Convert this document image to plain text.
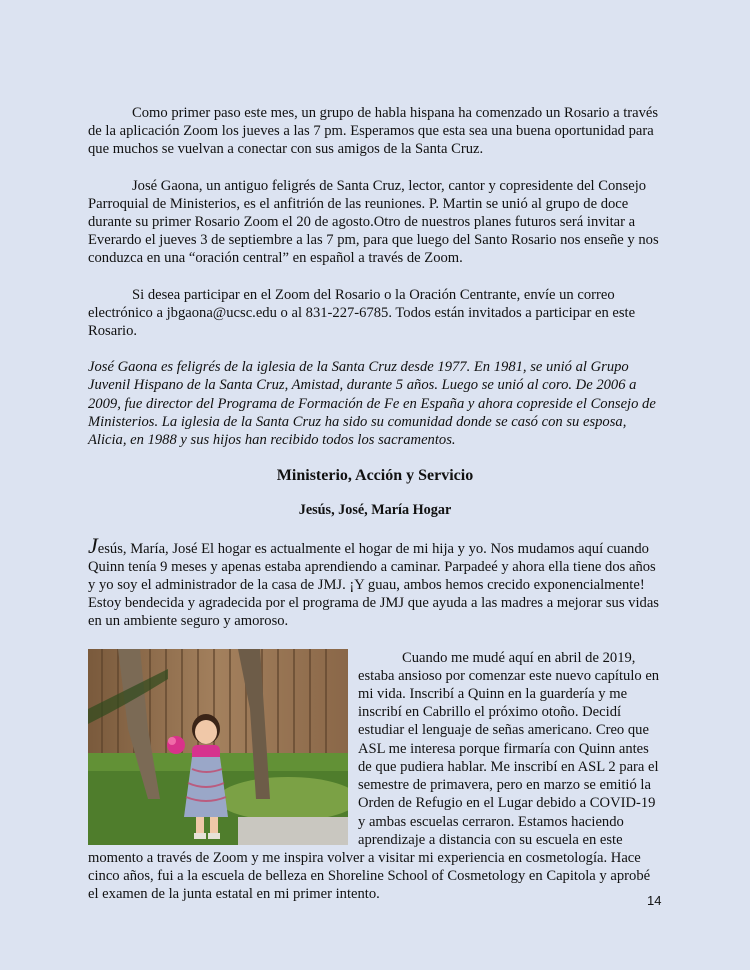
Como primer paso este mes, un grupo de habla hispana ha comenzado un Rosario a través de la aplicación Zoom los jueves a las 7 pm. Esperamos que esta sea una buena oportunidad para que muchos se vuelvan a conectar con sus amigos de la Santa Cruz.

José Gaona, un antiguo feligrés de Santa Cruz, lector, cantor y copresidente del Consejo Parroquial de Ministerios, es el anfitrión de las reuniones. P. Martin se unió al grupo de doce durante su primer Rosario Zoom el 20 de agosto.Otro de nuestros planes futuros será invitar a Everardo el jueves 3 de septiembre a las 7 pm, para que luego del Santo Rosario nos enseñe y nos conduzca en una “oración central” en español a través de Zoom.

Si desea participar en el Zoom del Rosario o la Oración Centrante, envíe un correo electrónico a jbgaona@ucsc.edu o al 831-227-6785. Todos están invitados a participar en este Rosario.

José Gaona es feligrés de la iglesia de la Santa Cruz desde 1977. En 1981, se unió al Grupo Juvenil Hispano de la Santa Cruz, Amistad, durante 5 años. Luego se unió al coro. De 2006 a 2009, fue director del Programa de Formación de Fe en España y ahora copreside el Consejo de Ministerios. La iglesia de la Santa Cruz ha sido su comunidad donde se casó con su esposa, Alicia, en 1988 y sus hijos han recibido todos los sacramentos.

Ministerio, Acción y Servicio
Jesús, José, María Hogar

Jesús, María, José El hogar es actualmente el hogar de mi hija y yo. Nos mudamos aquí cuando Quinn tenía 9 meses y apenas estaba aprendiendo a caminar. Parpadeé y ahora ella tiene dos años y yo soy el administrador de la casa de JMJ. ¡Y guau, ambos hemos crecido exponencialmente! Estoy bendecida y agradecida por el programa de JMJ que ayuda a las madres a mejorar sus vidas en un ambiente seguro y amoroso.

Cuando me mudé aquí en abril de 2019, estaba ansioso por comenzar este nuevo capítulo en mi vida. Inscribí a Quinn en la guardería y me inscribí en Cabrillo el próximo otoño. Decidí estudiar el lenguaje de señas americano. Creo que ASL me interesa porque firmaría con Quinn antes de que pudiera hablar. Me inscribí en ASL 2 para el semestre de primavera, pero en marzo se emitió la Orden de Refugio en el Lugar debido a COVID-19 y ambas escuelas cerraron. Estamos haciendo aprendizaje a distancia con su escuela en este momento a través de Zoom y me inspira volver a visitar mi experiencia en cosmetología. Hace cinco años, fui a la escuela de belleza en Shoreline School of Cosmetology en Capitola y aprobé el examen de la junta estatal en mi primer intento.	14
